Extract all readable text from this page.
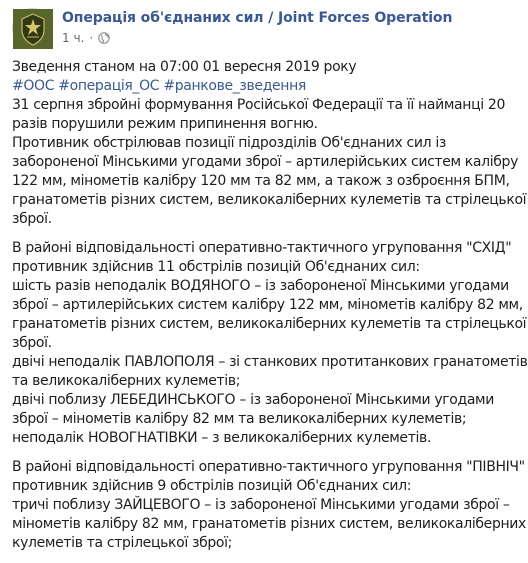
Операція об'єднаних сил / Joint Forces Operation
1 ч. ·
Зведення станом на 07:00 01 вересня 2019 року
#ООС #операція_ОС #ранкове_зведення
31 серпня збройні формування Російської Федерації та її найманці 20
разів порушили режим припинення вогню.
Противник обстрілював позиції підрозділів Об'єднаних сил із
забороненої Мінськими угодами зброї – артилерійських систем калібру
122 мм, мінометів калібру 120 мм та 82 мм, а також з озброєння БПМ,
гранатометів різних систем, великокаліберних кулеметів та стрілецької
зброї.
В районі відповідальності оперативно-тактичного угруповання "СХІД"
противник здійснив 11 обстрілів позицій Об'єднаних сил:
шість разів неподалік ВОДЯНОГО – із забороненої Мінськими угодами
зброї – артилерійських систем калібру 122 мм, мінометів калібру 82 мм,
гранатометів різних систем, великокаліберних кулеметів та стрілецької
зброї.
двічі неподалік ПАВЛОПОЛЯ – зі станкових протитанкових гранатометів
та великокаліберних кулеметів;
двічі поблизу ЛЕБЕДИНСЬКОГО – із забороненої Мінськими угодами
зброї – мінометів калібру 82 мм та великокаліберних кулеметів;
неподалік НОВОГНАТІВКИ – з великокаліберних кулеметів.
В районі відповідальності оперативно-тактичного угруповання "ПІВНІЧ"
противник здійснив 9 обстрілів позицій Об'єднаних сил:
тричі поблизу ЗАЙЦЕВОГО – із забороненої Мінськими угодами зброї –
мінометів калібру 82 мм, гранатометів різних систем, великокаліберних
кулеметів та стрілецької зброї;
